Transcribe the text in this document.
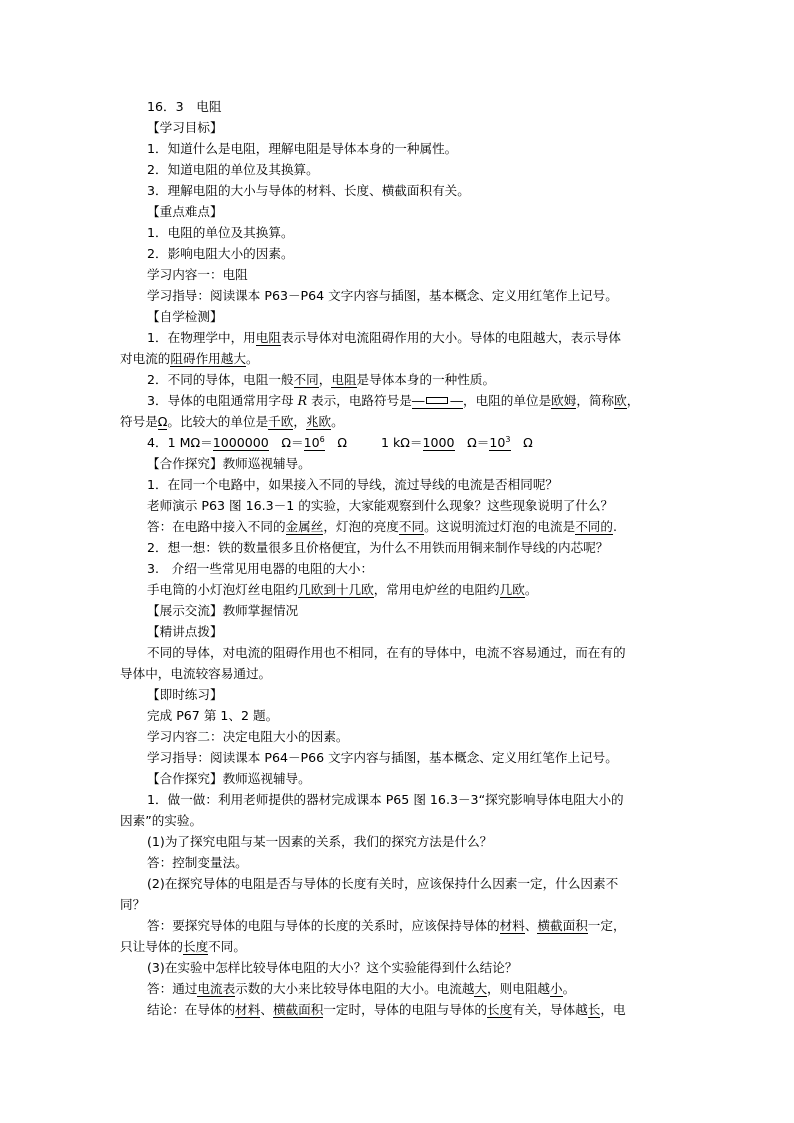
16．3　电阻
【学习目标】
1．知道什么是电阻，理解电阻是导体本身的一种属性。
2．知道电阻的单位及其换算。
3．理解电阻的大小与导体的材料、长度、横截面积有关。
【重点难点】
1．电阻的单位及其换算。
2．影响电阻大小的因素。
学习内容一：电阻
学习指导：阅读课本 P63－P64 文字内容与插图，基本概念、定义用红笔作上记号。
【自学检测】
1．在物理学中，用电阻表示导体对电流阻碍作用的大小。导体的电阻越大，表示导体
对电流的阻碍作用越大。
2．不同的导体，电阻一般不同，电阻是导体本身的一种性质。
3．导体的电阻通常用字母 R 表示，电路符号是― ―，电阻的单位是欧姆，简称欧，
符号是Ω。比较大的单位是千欧，兆欧。
4．1 MΩ＝1000000　$\Omega=10^6$　Ω	1 kΩ＝1000　$\Omega=10^3$　Ω
【合作探究】教师巡视辅导。
1．在同一个电路中，如果接入不同的导线，流过导线的电流是否相同呢？
老师演示 P63 图 16.3－1 的实验，大家能观察到什么现象？这些现象说明了什么？
答：在电路中接入不同的金属丝，灯泡的亮度不同。这说明流过灯泡的电流是不同的.
2．想一想：铁的数量很多且价格便宜，为什么不用铁而用铜来制作导线的内芯呢？
3.　介绍一些常见用电器的电阻的大小：
手电筒的小灯泡灯丝电阻约几欧到十几欧，常用电炉丝的电阻约几欧。
【展示交流】教师掌握情况
【精讲点拨】
不同的导体，对电流的阻碍作用也不相同，在有的导体中，电流不容易通过，而在有的
导体中，电流较容易通过。
【即时练习】
完成 P67 第 1、2 题。
学习内容二：决定电阻大小的因素。
学习指导：阅读课本 P64－P66 文字内容与插图，基本概念、定义用红笔作上记号。
【合作探究】教师巡视辅导。
1．做一做：利用老师提供的器材完成课本 P65 图 16.3－3“探究影响导体电阻大小的
因素”的实验。
(1)为了探究电阻与某一因素的关系，我们的探究方法是什么？
答：控制变量法。
(2)在探究导体的电阻是否与导体的长度有关时，应该保持什么因素一定，什么因素不
同？
答：要探究导体的电阻与导体的长度的关系时，应该保持导体的材料、横截面积一定，
只让导体的长度不同。
(3)在实验中怎样比较导体电阻的大小？这个实验能得到什么结论？
答：通过电流表示数的大小来比较导体电阻的大小。电流越大，则电阻越小。
结论：在导体的材料、横截面积一定时，导体的电阻与导体的长度有关，导体越长，电
